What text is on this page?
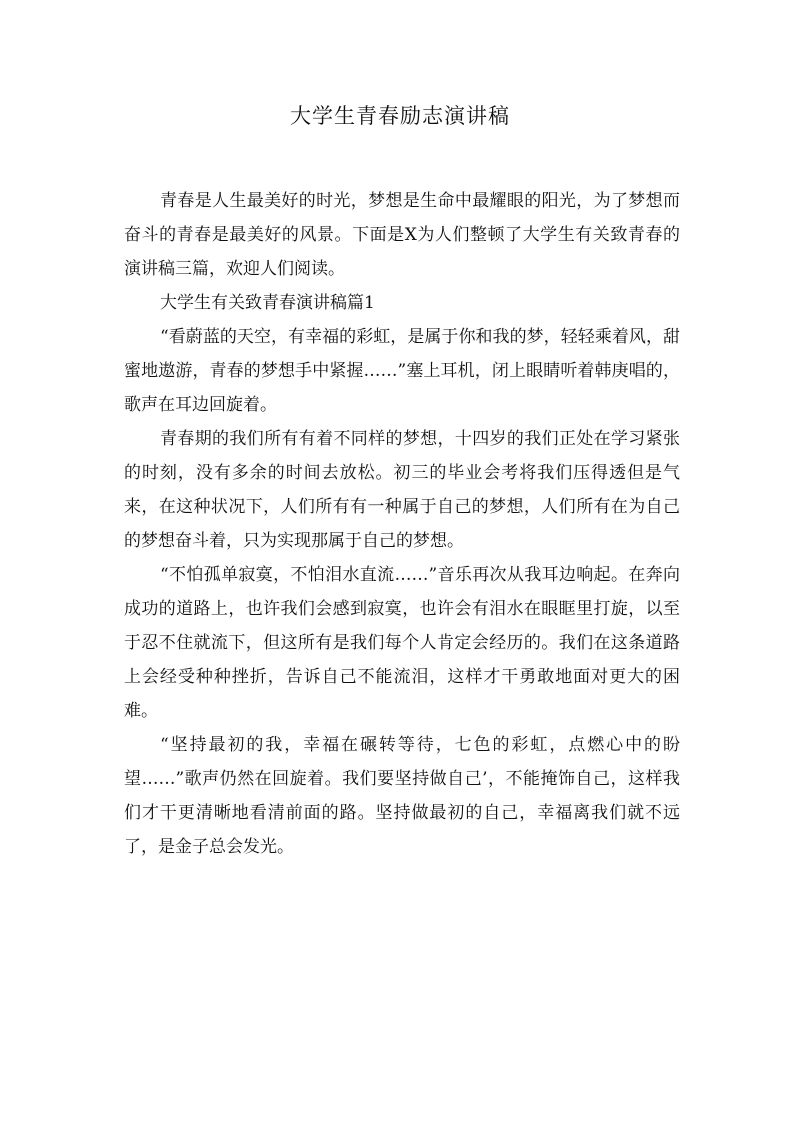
大学生青春励志演讲稿

青春是人生最美好的时光，梦想是生命中最耀眼的阳光，为了梦想而奋斗的青春是最美好的风景。下面是X为人们整顿了大学生有关致青春的演讲稿三篇，欢迎人们阅读。

大学生有关致青春演讲稿篇1

“看蔚蓝的天空，有幸福的彩虹，是属于你和我的梦，轻轻乘着风，甜蜜地遨游，青春的梦想手中紧握……”塞上耳机，闭上眼睛听着韩庚唱的，歌声在耳边回旋着。

青春期的我们所有有着不同样的梦想，十四岁的我们正处在学习紧张的时刻，没有多余的时间去放松。初三的毕业会考将我们压得透但是气来，在这种状况下，人们所有有一种属于自己的梦想，人们所有在为自己的梦想奋斗着，只为实现那属于自己的梦想。

“不怕孤单寂寞，不怕泪水直流……”音乐再次从我耳边响起。在奔向成功的道路上，也许我们会感到寂寞，也许会有泪水在眼眶里打旋，以至于忍不住就流下，但这所有是我们每个人肯定会经历的。我们在这条道路上会经受种种挫折，告诉自己不能流泪，这样才干勇敢地面对更大的困难。

“坚持最初的我，幸福在碾转等待，七色的彩虹，点燃心中的盼望……”歌声仍然在回旋着。我们要坚持做自己’，不能掩饰自己，这样我们才干更清晰地看清前面的路。坚持做最初的自己，幸福离我们就不远了，是金子总会发光。
